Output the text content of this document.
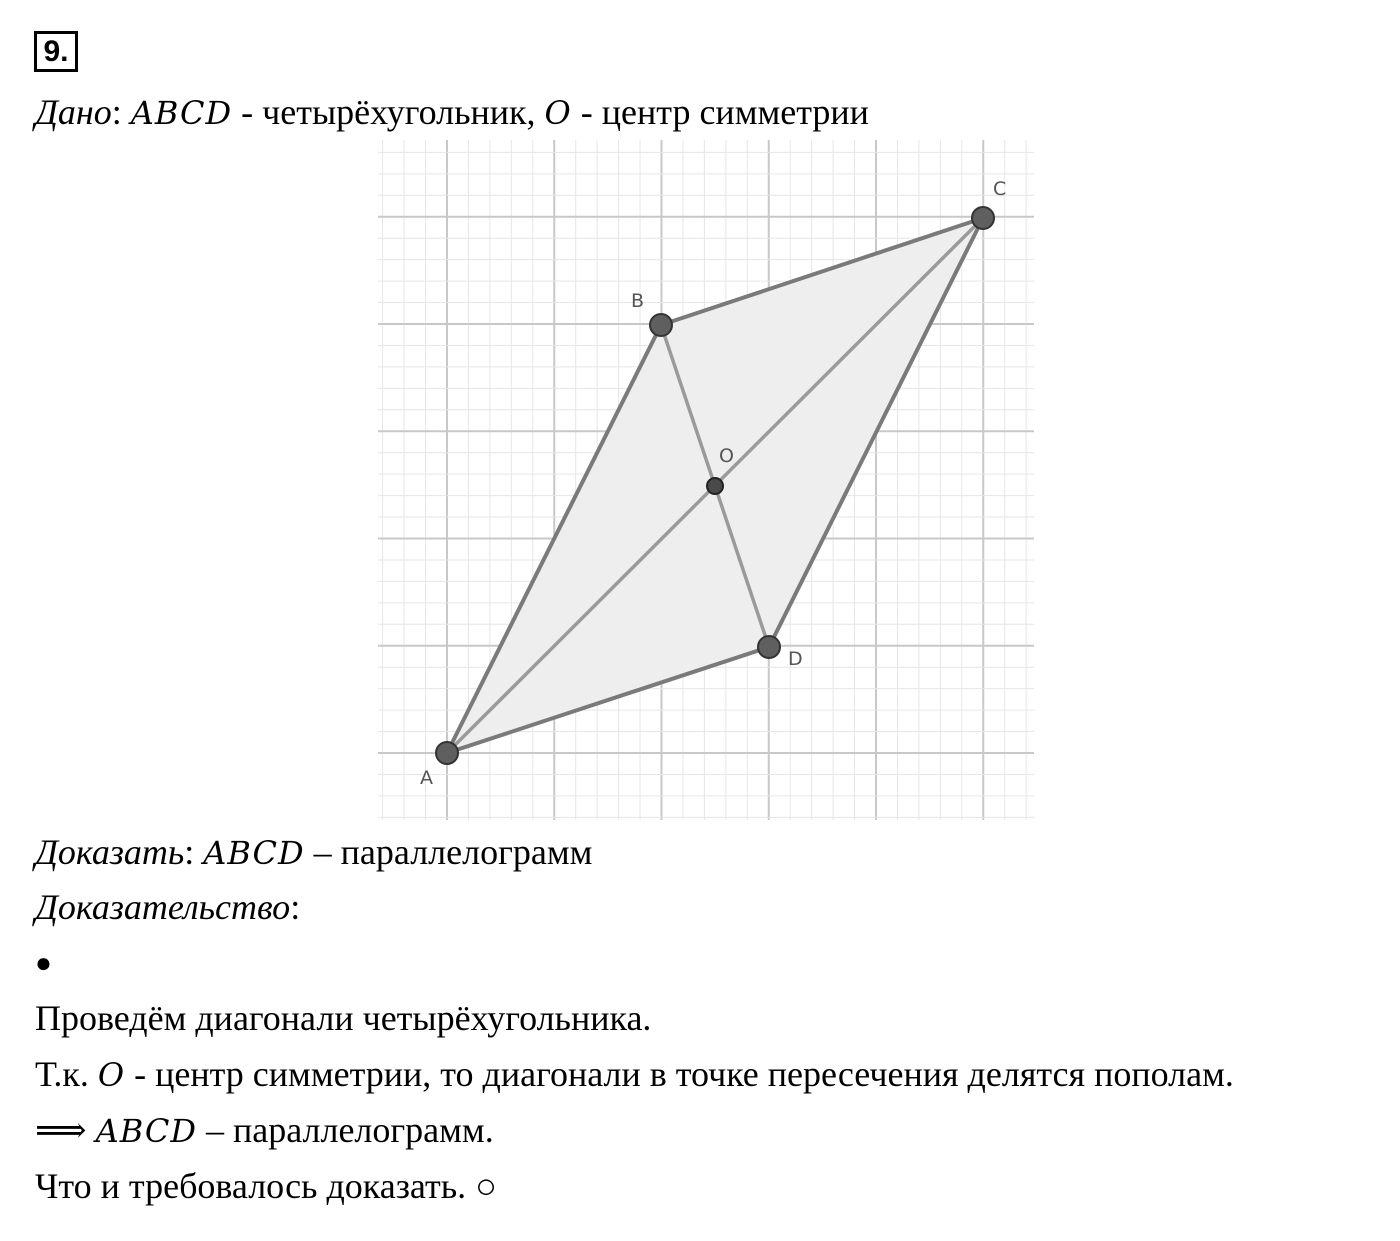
9.
Дано: ABCD - четырёхугольник, O - центр симметрии
A
B
C
D
O
Доказать: ABCD – параллелограмм
Доказательство:
●
Проведём диагонали четырёхугольника.
Т.к. O - центр симметрии, то диагонали в точке пересечения делятся пополам.
⟹ ABCD – параллелограмм.
Что и требовалось доказать. ○
